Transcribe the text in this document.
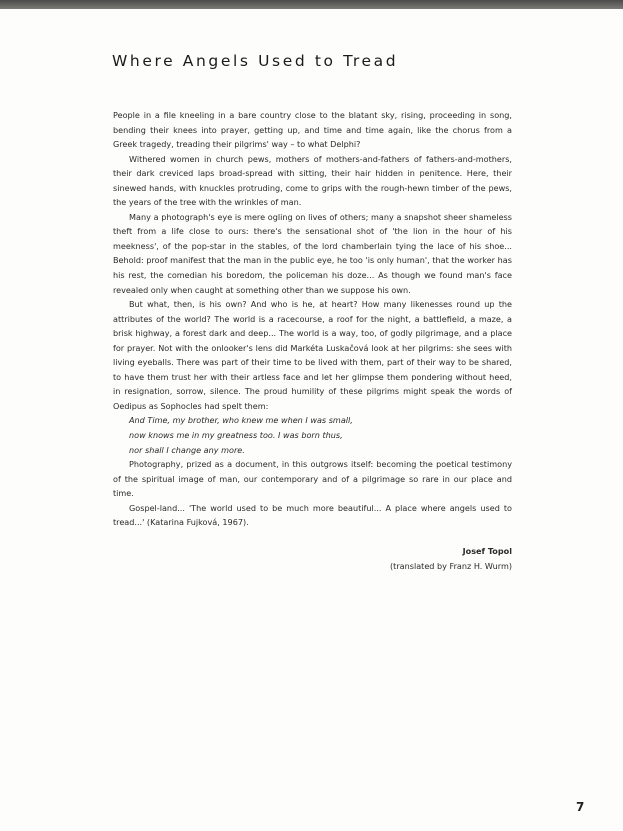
Where Angels Used to Tread

People in a file kneeling in a bare country close to the blatant sky, rising, proceeding in song, bending their knees into prayer, getting up, and time and time again, like the chorus from a Greek tragedy, treading their pilgrims' way – to what Delphi?

Withered women in church pews, mothers of mothers-and-fathers of fathers-and-mothers, their dark creviced laps broad-spread with sitting, their hair hidden in penitence. Here, their sinewed hands, with knuckles protruding, come to grips with the rough-hewn timber of the pews, the years of the tree with the wrinkles of man.

Many a photograph's eye is mere ogling on lives of others; many a snapshot sheer shameless theft from a life close to ours: there's the sensational shot of 'the lion in the hour of his meekness', of the pop-star in the stables, of the lord chamberlain tying the lace of his shoe... Behold: proof manifest that the man in the public eye, he too 'is only human', that the worker has his rest, the comedian his boredom, the policeman his doze... As though we found man's face revealed only when caught at something other than we suppose his own.

But what, then, is his own? And who is he, at heart? How many likenesses round up the attributes of the world? The world is a racecourse, a roof for the night, a battlefield, a maze, a brisk highway, a forest dark and deep... The world is a way, too, of godly pilgrimage, and a place for prayer. Not with the onlooker's lens did Markéta Luskačová look at her pilgrims: she sees with living eyeballs. There was part of their time to be lived with them, part of their way to be shared, to have them trust her with their artless face and let her glimpse them pondering without heed, in resignation, sorrow, silence. The proud humility of these pilgrims might speak the words of Oedipus as Sophocles had spelt them:

And Time, my brother, who knew me when I was small,
now knows me in my greatness too. I was born thus,
nor shall I change any more.

Photography, prized as a document, in this outgrows itself: becoming the poetical testimony of the spiritual image of man, our contemporary and of a pilgrimage so rare in our place and time.

Gospel-land... 'The world used to be much more beautiful... A place where angels used to tread...' (Katarina Fujková, 1967).

Josef Topol
(translated by Franz H. Wurm)
7
